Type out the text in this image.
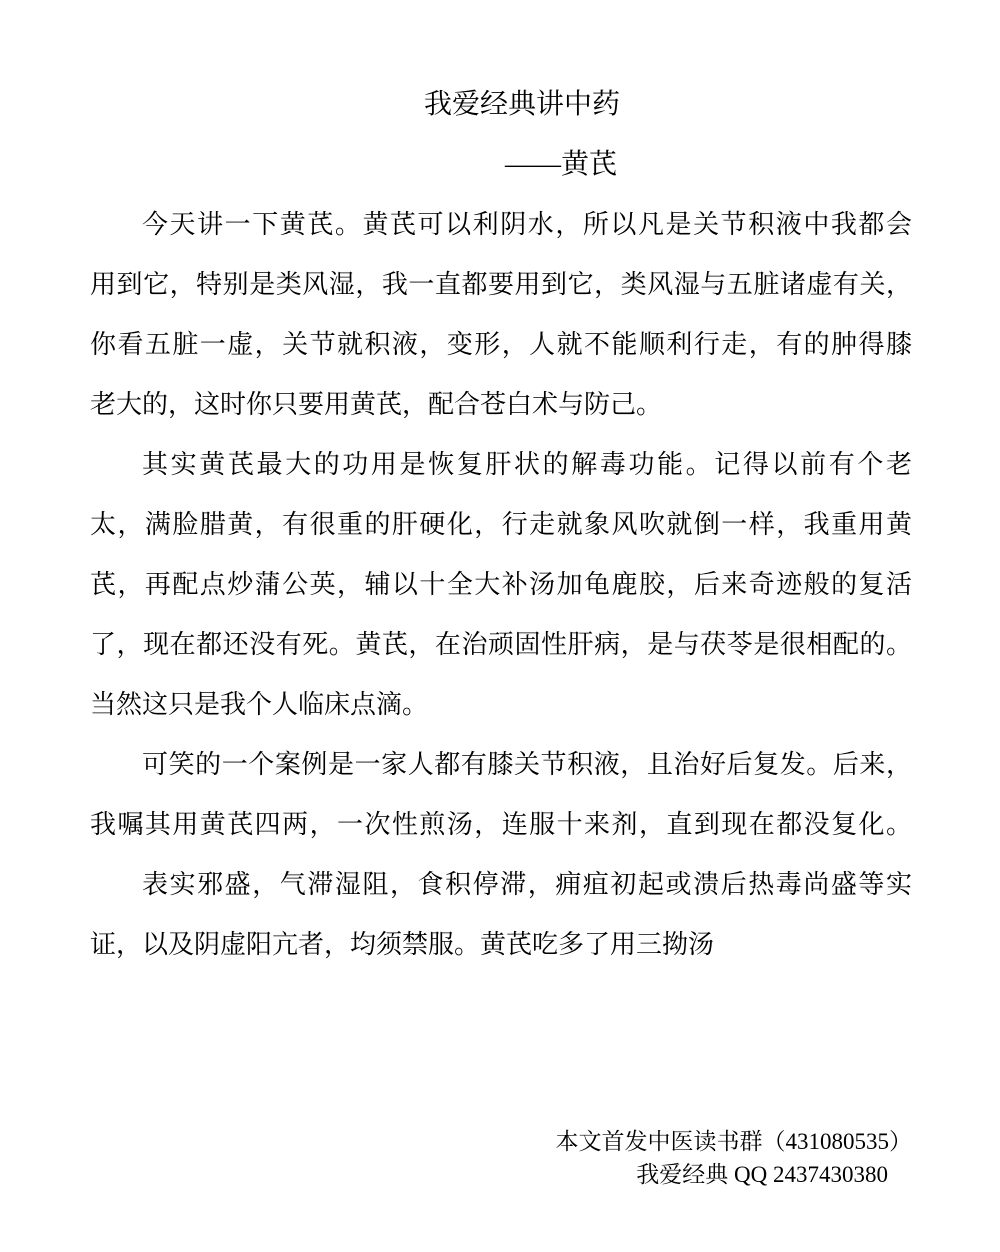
我爱经典讲中药
——黄芪
今天讲一下黄芪。黄芪可以利阴水，所以凡是关节积液中我都会
用到它，特别是类风湿，我一直都要用到它，类风湿与五脏诸虚有关，
你看五脏一虚，关节就积液，变形，人就不能顺利行走，有的肿得膝
老大的，这时你只要用黄芪，配合苍白术与防己。
其实黄芪最大的功用是恢复肝状的解毒功能。记得以前有个老
太，满脸腊黄，有很重的肝硬化，行走就象风吹就倒一样，我重用黄
芪，再配点炒蒲公英，辅以十全大补汤加龟鹿胶，后来奇迹般的复活
了，现在都还没有死。黄芪，在治顽固性肝病，是与茯苓是很相配的。
当然这只是我个人临床点滴。
可笑的一个案例是一家人都有膝关节积液，且治好后复发。后来，
我嘱其用黄芪四两，一次性煎汤，连服十来剂，直到现在都没复化。
表实邪盛，气滞湿阻，食积停滞，痈疽初起或溃后热毒尚盛等实
证，以及阴虚阳亢者，均须禁服。黄芪吃多了用三拗汤
本文首发中医读书群（431080535）
我爱经典 QQ 2437430380
